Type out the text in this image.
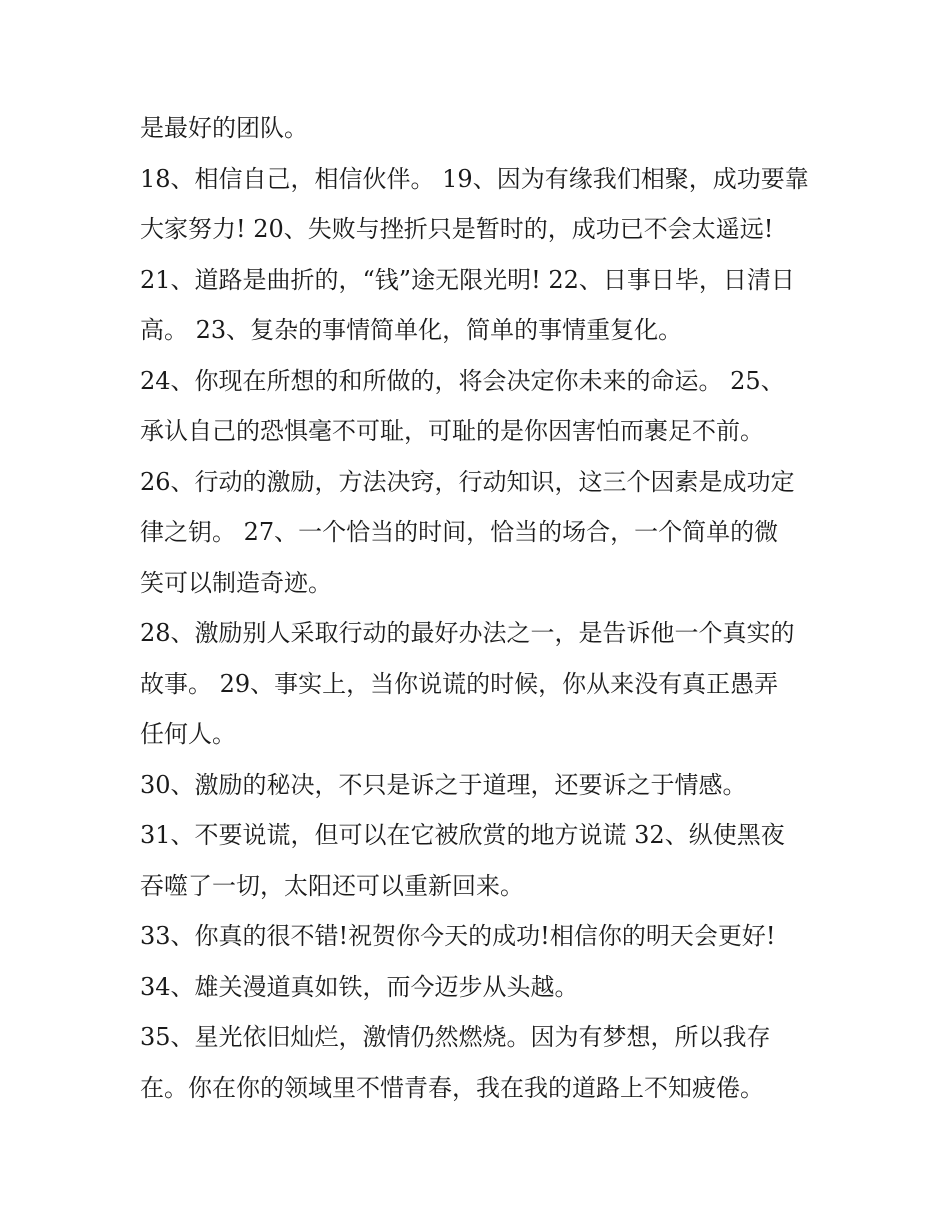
是最好的团队。
18、相信自己，相信伙伴。 19、因为有缘我们相聚，成功要靠
大家努力! 20、失败与挫折只是暂时的，成功已不会太遥远!
21、道路是曲折的，“钱”途无限光明! 22、日事日毕，日清日
高。 23、复杂的事情简单化，简单的事情重复化。
24、你现在所想的和所做的，将会决定你未来的命运。 25、
承认自己的恐惧毫不可耻，可耻的是你因害怕而裹足不前。
26、行动的激励，方法决窍，行动知识，这三个因素是成功定
律之钥。 27、一个恰当的时间，恰当的场合，一个简单的微
笑可以制造奇迹。
28、激励别人采取行动的最好办法之一，是告诉他一个真实的
故事。 29、事实上，当你说谎的时候，你从来没有真正愚弄
任何人。
30、激励的秘决，不只是诉之于道理，还要诉之于情感。
31、不要说谎，但可以在它被欣赏的地方说谎 32、纵使黑夜
吞噬了一切，太阳还可以重新回来。
33、你真的很不错!祝贺你今天的成功!相信你的明天会更好!
34、雄关漫道真如铁，而今迈步从头越。
35、星光依旧灿烂，激情仍然燃烧。因为有梦想，所以我存
在。你在你的领域里不惜青春，我在我的道路上不知疲倦。
